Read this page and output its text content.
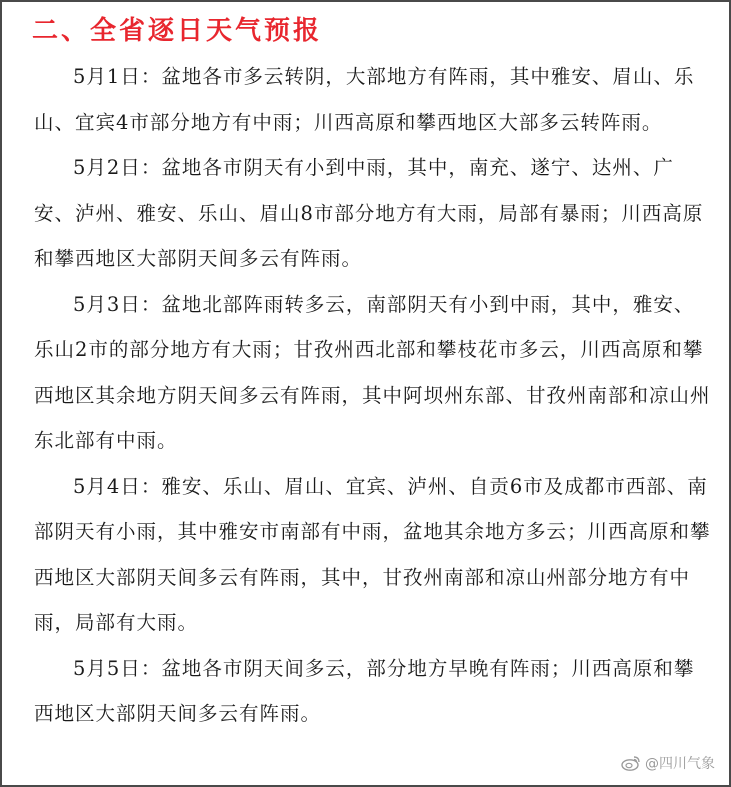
二、全省逐日天气预报

5月1日：盆地各市多云转阴，大部地方有阵雨，其中雅安、眉山、乐山、宜宾4市部分地方有中雨；川西高原和攀西地区大部多云转阵雨。

5月2日：盆地各市阴天有小到中雨，其中，南充、遂宁、达州、广安、泸州、雅安、乐山、眉山8市部分地方有大雨，局部有暴雨；川西高原和攀西地区大部阴天间多云有阵雨。

5月3日：盆地北部阵雨转多云，南部阴天有小到中雨，其中，雅安、乐山2市的部分地方有大雨；甘孜州西北部和攀枝花市多云，川西高原和攀西地区其余地方阴天间多云有阵雨，其中阿坝州东部、甘孜州南部和凉山州东北部有中雨。

5月4日：雅安、乐山、眉山、宜宾、泸州、自贡6市及成都市西部、南部阴天有小雨，其中雅安市南部有中雨，盆地其余地方多云；川西高原和攀西地区大部阴天间多云有阵雨，其中，甘孜州南部和凉山州部分地方有中雨，局部有大雨。

5月5日：盆地各市阴天间多云，部分地方早晚有阵雨；川西高原和攀西地区大部阴天间多云有阵雨。

@四川气象
